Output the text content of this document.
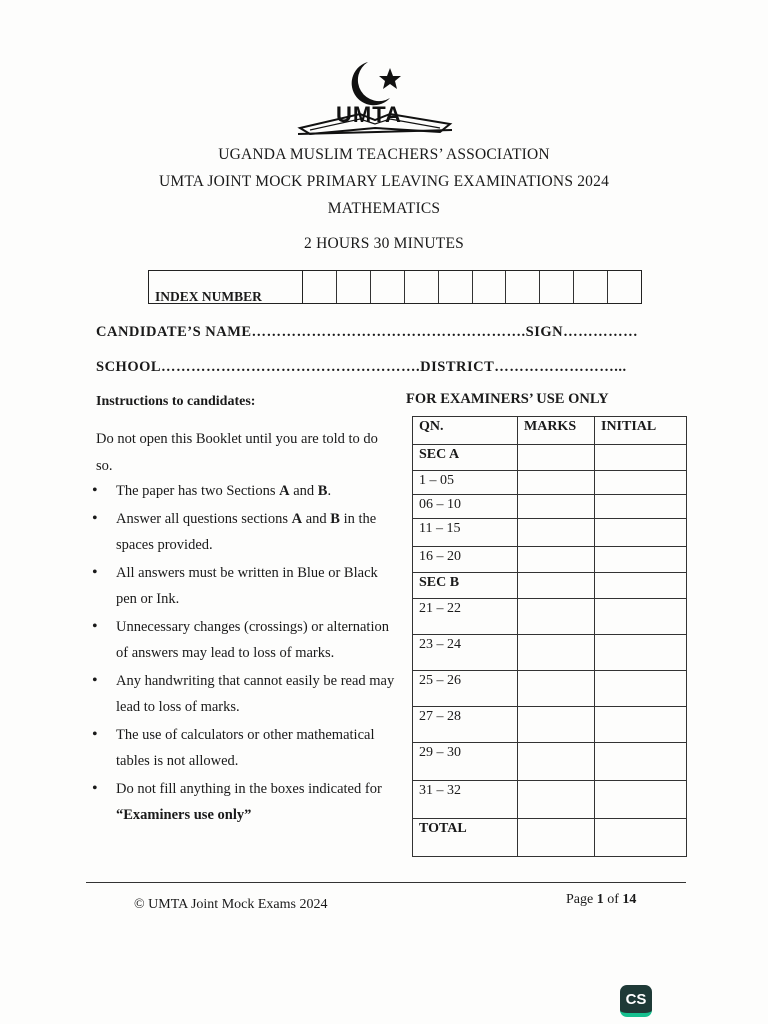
UMTA
UGANDA MUSLIM TEACHERS’ ASSOCIATION
UMTA JOINT MOCK PRIMARY LEAVING EXAMINATIONS 2024
MATHEMATICS
2 HOURS 30 MINUTES
INDEX NUMBER
CANDIDATE’S NAME……………………………………………….SIGN……………
SCHOOL…………………………………………….DISTRICT……………………...
Instructions to candidates:
Do not open this Booklet until you are told to do so.
• The paper has two Sections A and B.
• Answer all questions sections A and B in the spaces provided.
• All answers must be written in Blue or Black pen or Ink.
• Unnecessary changes (crossings) or alternation of answers may lead to loss of marks.
• Any handwriting that cannot easily be read may lead to loss of marks.
• The use of calculators or other mathematical tables is not allowed.
• Do not fill anything in the boxes indicated for “Examiners use only”
FOR EXAMINERS’ USE ONLY
QN.	MARKS	INITIAL
SEC A		
1 – 05		
06 – 10		
11 – 15		
16 – 20		
SEC B		
21 – 22		
23 – 24		
25 – 26		
27 – 28		
29 – 30		
31 – 32		
TOTAL		
© UMTA Joint Mock Exams 2024	Page 1 of 14
CS
